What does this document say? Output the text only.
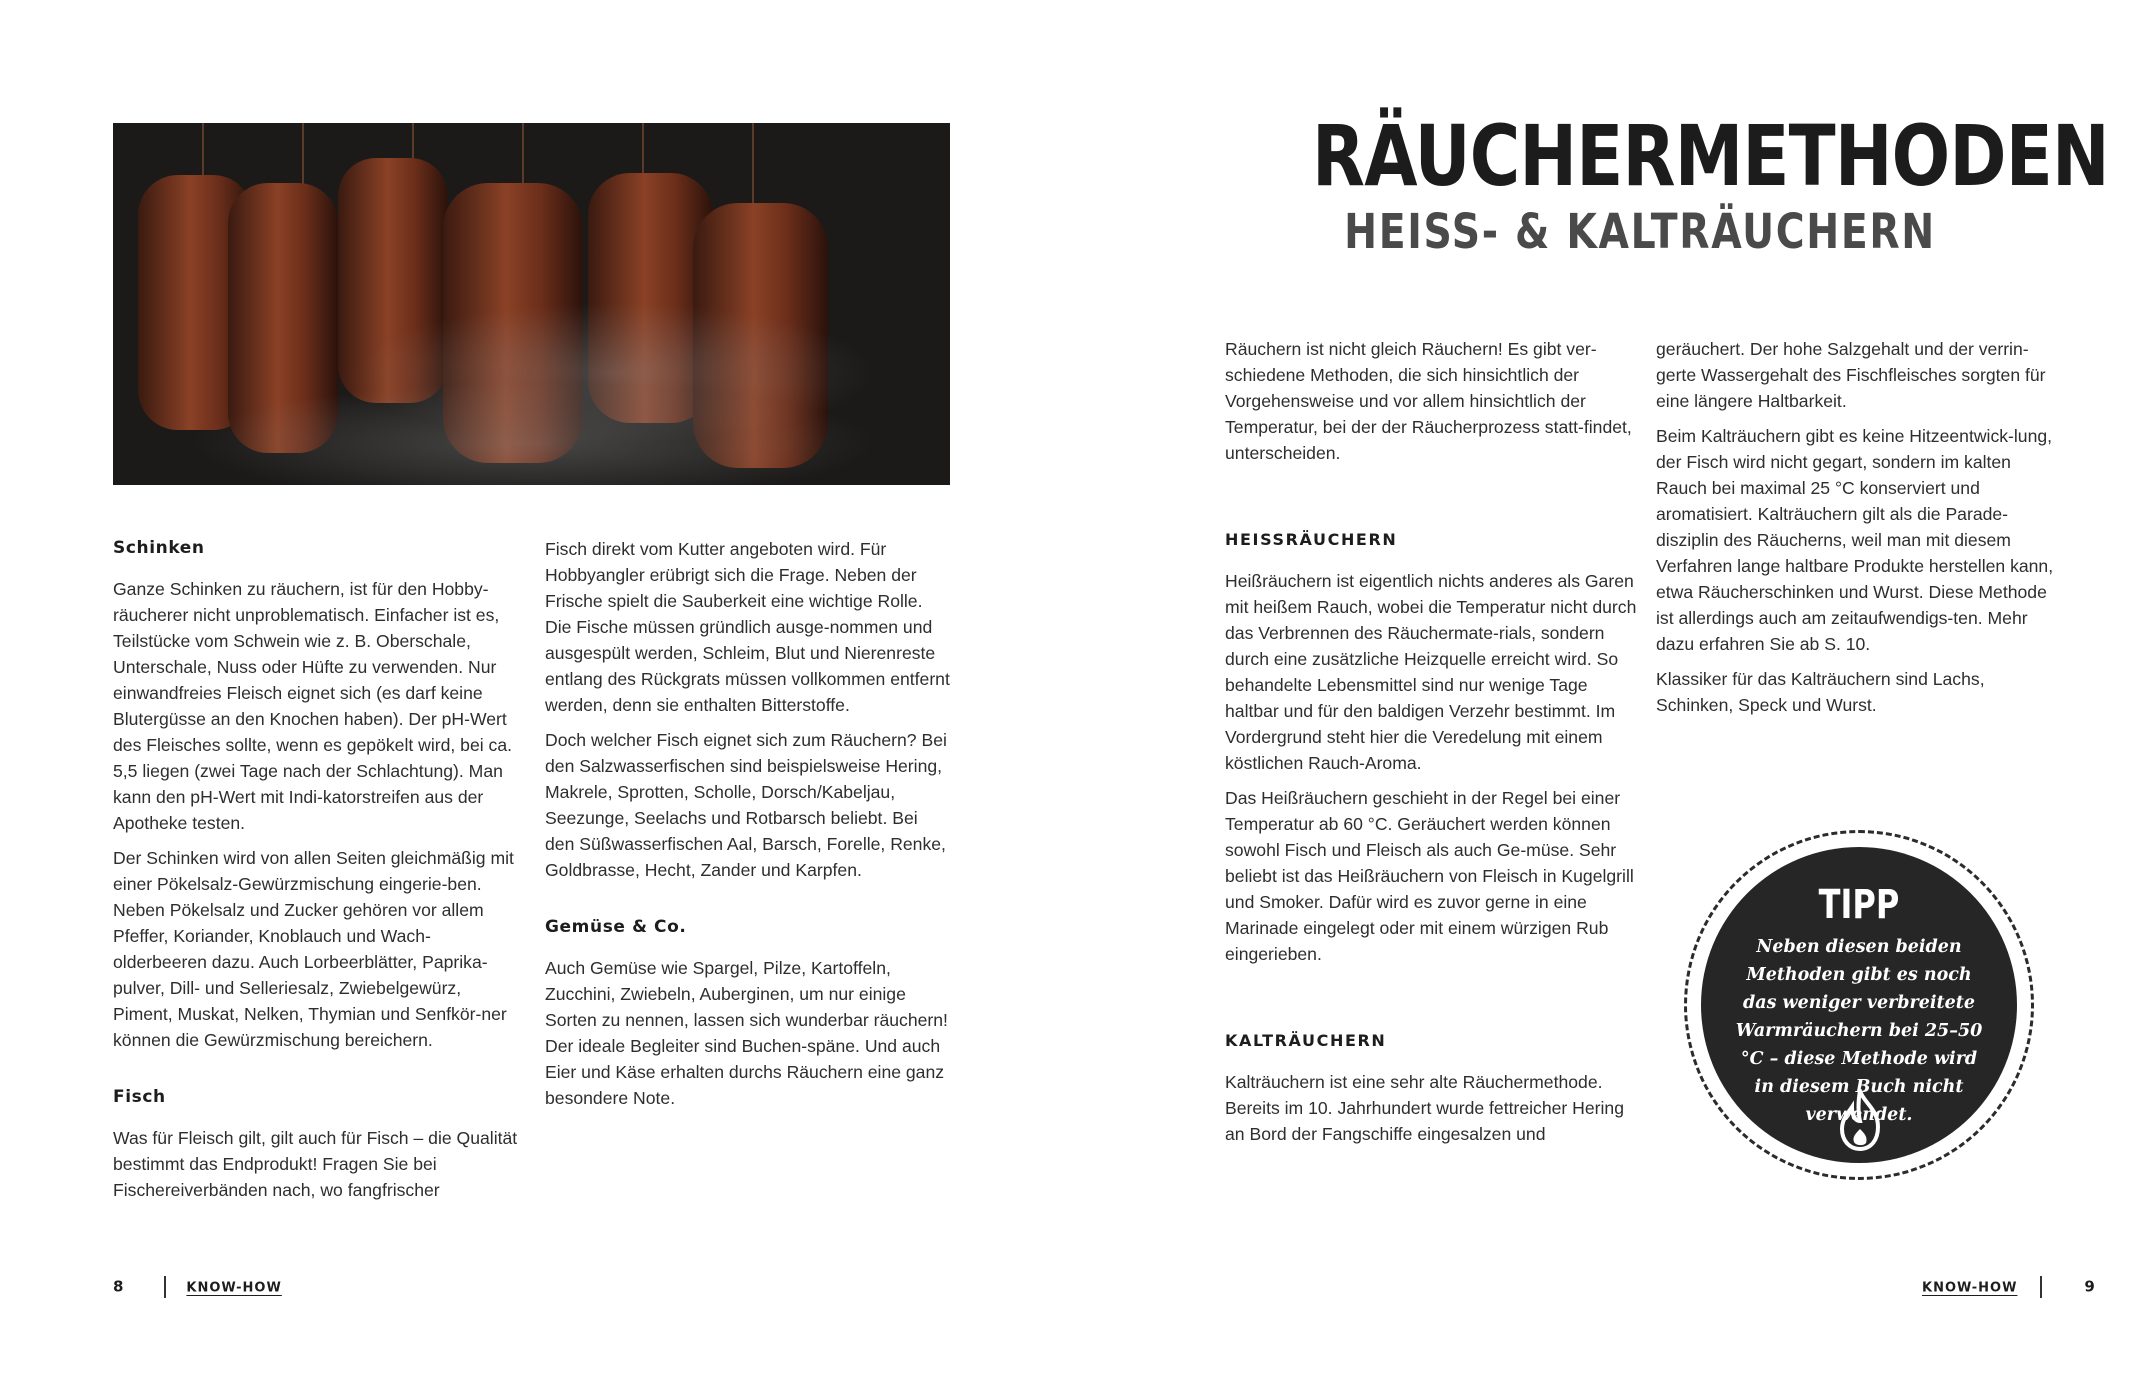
Schinken

Ganze Schinken zu räuchern, ist für den Hobby-räucherer nicht unproblematisch. Einfacher ist es, Teilstücke vom Schwein wie z. B. Oberschale, Unterschale, Nuss oder Hüfte zu verwenden. Nur einwandfreies Fleisch eignet sich (es darf keine Blutergüsse an den Knochen haben). Der pH-Wert des Fleisches sollte, wenn es gepökelt wird, bei ca. 5,5 liegen (zwei Tage nach der Schlachtung). Man kann den pH-Wert mit Indi-katorstreifen aus der Apotheke testen.

Der Schinken wird von allen Seiten gleichmäßig mit einer Pökelsalz-Gewürzmischung eingerie-ben. Neben Pökelsalz und Zucker gehören vor allem Pfeffer, Koriander, Knoblauch und Wach-olderbeeren dazu. Auch Lorbeerblätter, Paprika-pulver, Dill- und Selleriesalz, Zwiebelgewürz, Piment, Muskat, Nelken, Thymian und Senfkör-ner können die Gewürzmischung bereichern.

Fisch

Was für Fleisch gilt, gilt auch für Fisch – die Qualität bestimmt das Endprodukt! Fragen Sie bei Fischereiverbänden nach, wo fangfrischer

Fisch direkt vom Kutter angeboten wird. Für Hobbyangler erübrigt sich die Frage. Neben der Frische spielt die Sauberkeit eine wichtige Rolle. Die Fische müssen gründlich ausge-nommen und ausgespült werden, Schleim, Blut und Nierenreste entlang des Rückgrats müssen vollkommen entfernt werden, denn sie enthalten Bitterstoffe.

Doch welcher Fisch eignet sich zum Räuchern? Bei den Salzwasserfischen sind beispielsweise Hering, Makrele, Sprotten, Scholle, Dorsch/Kabeljau, Seezunge, Seelachs und Rotbarsch beliebt. Bei den Süßwasserfischen Aal, Barsch, Forelle, Renke, Goldbrasse, Hecht, Zander und Karpfen.

Gemüse & Co.

Auch Gemüse wie Spargel, Pilze, Kartoffeln, Zucchini, Zwiebeln, Auberginen, um nur einige Sorten zu nennen, lassen sich wunderbar räuchern! Der ideale Begleiter sind Buchen-späne. Und auch Eier und Käse erhalten durchs Räuchern eine ganz besondere Note.

8	KNOW-HOW
RÄUCHERMETHODEN
HEISS- & KALTRÄUCHERN

Räuchern ist nicht gleich Räuchern! Es gibt ver-schiedene Methoden, die sich hinsichtlich der Vorgehensweise und vor allem hinsichtlich der Temperatur, bei der der Räucherprozess statt-findet, unterscheiden.

HEISSRÄUCHERN

Heißräuchern ist eigentlich nichts anderes als Garen mit heißem Rauch, wobei die Temperatur nicht durch das Verbrennen des Räuchermate-rials, sondern durch eine zusätzliche Heizquelle erreicht wird. So behandelte Lebensmittel sind nur wenige Tage haltbar und für den baldigen Verzehr bestimmt. Im Vordergrund steht hier die Veredelung mit einem köstlichen Rauch-Aroma.

Das Heißräuchern geschieht in der Regel bei einer Temperatur ab 60 °C. Geräuchert werden können sowohl Fisch und Fleisch als auch Ge-müse. Sehr beliebt ist das Heißräuchern von Fleisch in Kugelgrill und Smoker. Dafür wird es zuvor gerne in eine Marinade eingelegt oder mit einem würzigen Rub eingerieben.

KALTRÄUCHERN

Kalträuchern ist eine sehr alte Räuchermethode. Bereits im 10. Jahrhundert wurde fettreicher Hering an Bord der Fangschiffe eingesalzen und

geräuchert. Der hohe Salzgehalt und der verrin-gerte Wassergehalt des Fischfleisches sorgten für eine längere Haltbarkeit.

Beim Kalträuchern gibt es keine Hitzeentwick-lung, der Fisch wird nicht gegart, sondern im kalten Rauch bei maximal 25 °C konserviert und aromatisiert. Kalträuchern gilt als die Parade-disziplin des Räucherns, weil man mit diesem Verfahren lange haltbare Produkte herstellen kann, etwa Räucherschinken und Wurst. Diese Methode ist allerdings auch am zeitaufwendigs-ten. Mehr dazu erfahren Sie ab S. 10.

Klassiker für das Kalträuchern sind Lachs, Schinken, Speck und Wurst.

TIPP
Neben diesen beiden Methoden gibt es noch das weniger verbreitete Warmräuchern bei 25–50 °C – diese Methode wird in diesem Buch nicht verwendet.
KNOW-HOW	9
